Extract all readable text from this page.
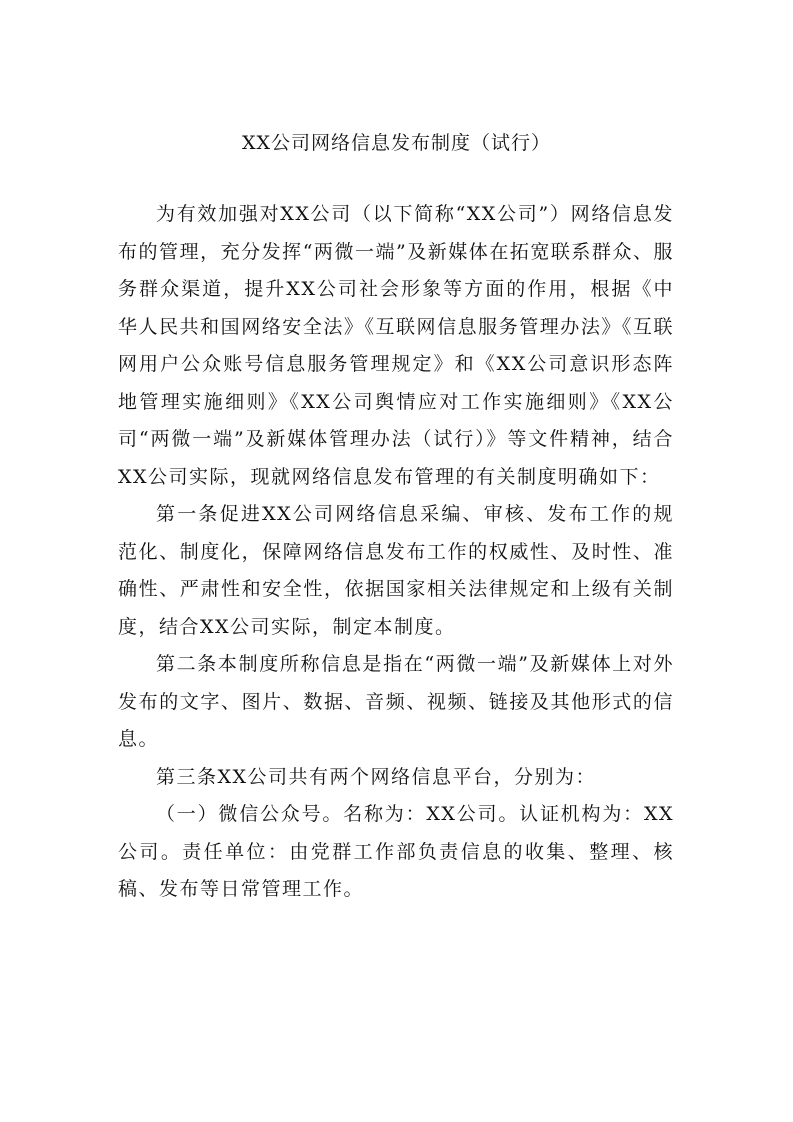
XX公司网络信息发布制度（试行）

为有效加强对XX公司（以下简称“XX公司”）网络信息发布的管理，充分发挥“两微一端”及新媒体在拓宽联系群众、服务群众渠道，提升XX公司社会形象等方面的作用，根据《中华人民共和国网络安全法》《互联网信息服务管理办法》《互联网用户公众账号信息服务管理规定》和《XX公司意识形态阵地管理实施细则》《XX公司舆情应对工作实施细则》《XX公司“两微一端”及新媒体管理办法（试行）》等文件精神，结合XX公司实际，现就网络信息发布管理的有关制度明确如下：

第一条促进XX公司网络信息采编、审核、发布工作的规范化、制度化，保障网络信息发布工作的权威性、及时性、准确性、严肃性和安全性，依据国家相关法律规定和上级有关制度，结合XX公司实际，制定本制度。

第二条本制度所称信息是指在“两微一端”及新媒体上对外发布的文字、图片、数据、音频、视频、链接及其他形式的信息。

第三条XX公司共有两个网络信息平台，分别为：

（一）微信公众号。名称为：XX公司。认证机构为：XX公司。责任单位：由党群工作部负责信息的收集、整理、核稿、发布等日常管理工作。
